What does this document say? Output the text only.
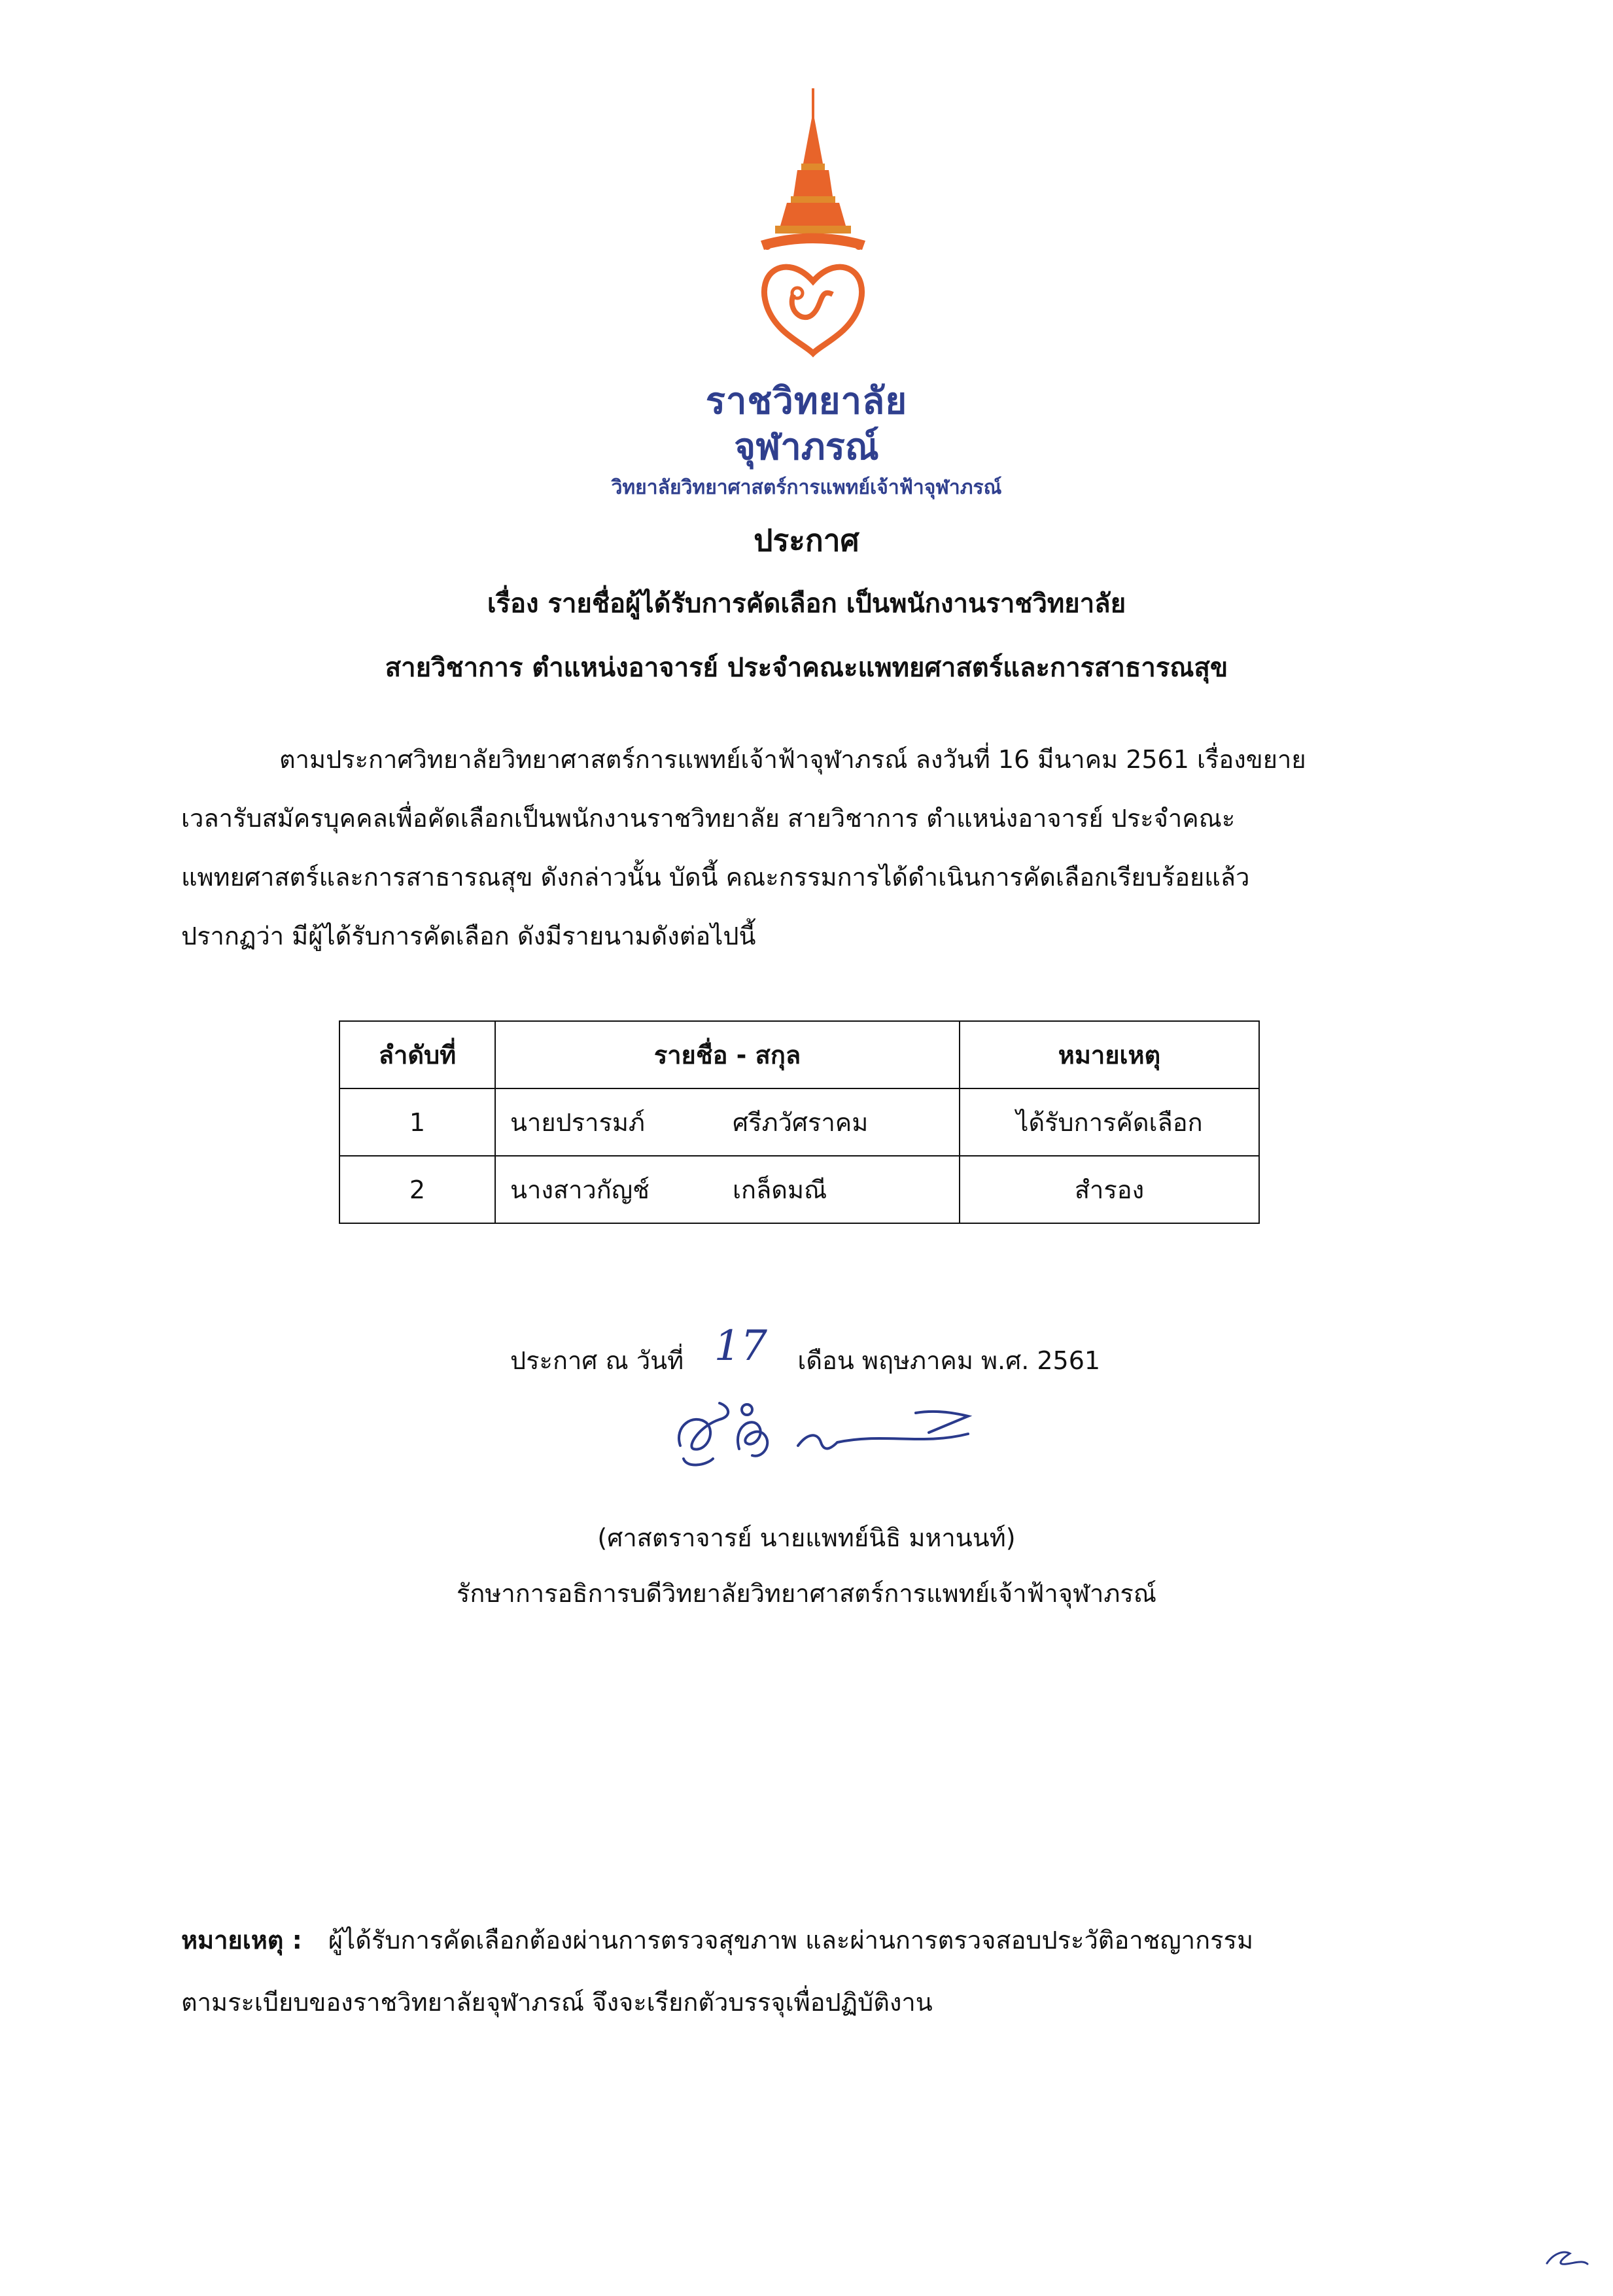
ราชวิทยาลัย
จุฬาภรณ์
วิทยาลัยวิทยาศาสตร์การแพทย์เจ้าฟ้าจุฬาภรณ์
ประกาศ
เรื่อง รายชื่อผู้ได้รับการคัดเลือก เป็นพนักงานราชวิทยาลัย
สายวิชาการ ตำแหน่งอาจารย์ ประจำคณะแพทยศาสตร์และการสาธารณสุข
ตามประกาศวิทยาลัยวิทยาศาสตร์การแพทย์เจ้าฟ้าจุฬาภรณ์ ลงวันที่ 16 มีนาคม 2561 เรื่องขยาย
เวลารับสมัครบุคคลเพื่อคัดเลือกเป็นพนักงานราชวิทยาลัย สายวิชาการ ตำแหน่งอาจารย์ ประจำคณะ
แพทยศาสตร์และการสาธารณสุข ดังกล่าวนั้น บัดนี้ คณะกรรมการได้ดำเนินการคัดเลือกเรียบร้อยแล้ว
ปรากฏว่า มีผู้ได้รับการคัดเลือก ดังมีรายนามดังต่อไปนี้
ลำดับที่	รายชื่อ - สกุล	หมายเหตุ
1	นายปรารมภ์ ศรีภวัศราคม	ได้รับการคัดเลือก
2	นางสาวกัญช์ เกล็ดมณี	สำรอง
ประกาศ ณ วันที่ 17 เดือน พฤษภาคม พ.ศ. 2561
(ศาสตราจารย์ นายแพทย์นิธิ มหานนท์)
รักษาการอธิการบดีวิทยาลัยวิทยาศาสตร์การแพทย์เจ้าฟ้าจุฬาภรณ์
หมายเหตุ : ผู้ได้รับการคัดเลือกต้องผ่านการตรวจสุขภาพ และผ่านการตรวจสอบประวัติอาชญากรรม
ตามระเบียบของราชวิทยาลัยจุฬาภรณ์ จึงจะเรียกตัวบรรจุเพื่อปฏิบัติงาน
